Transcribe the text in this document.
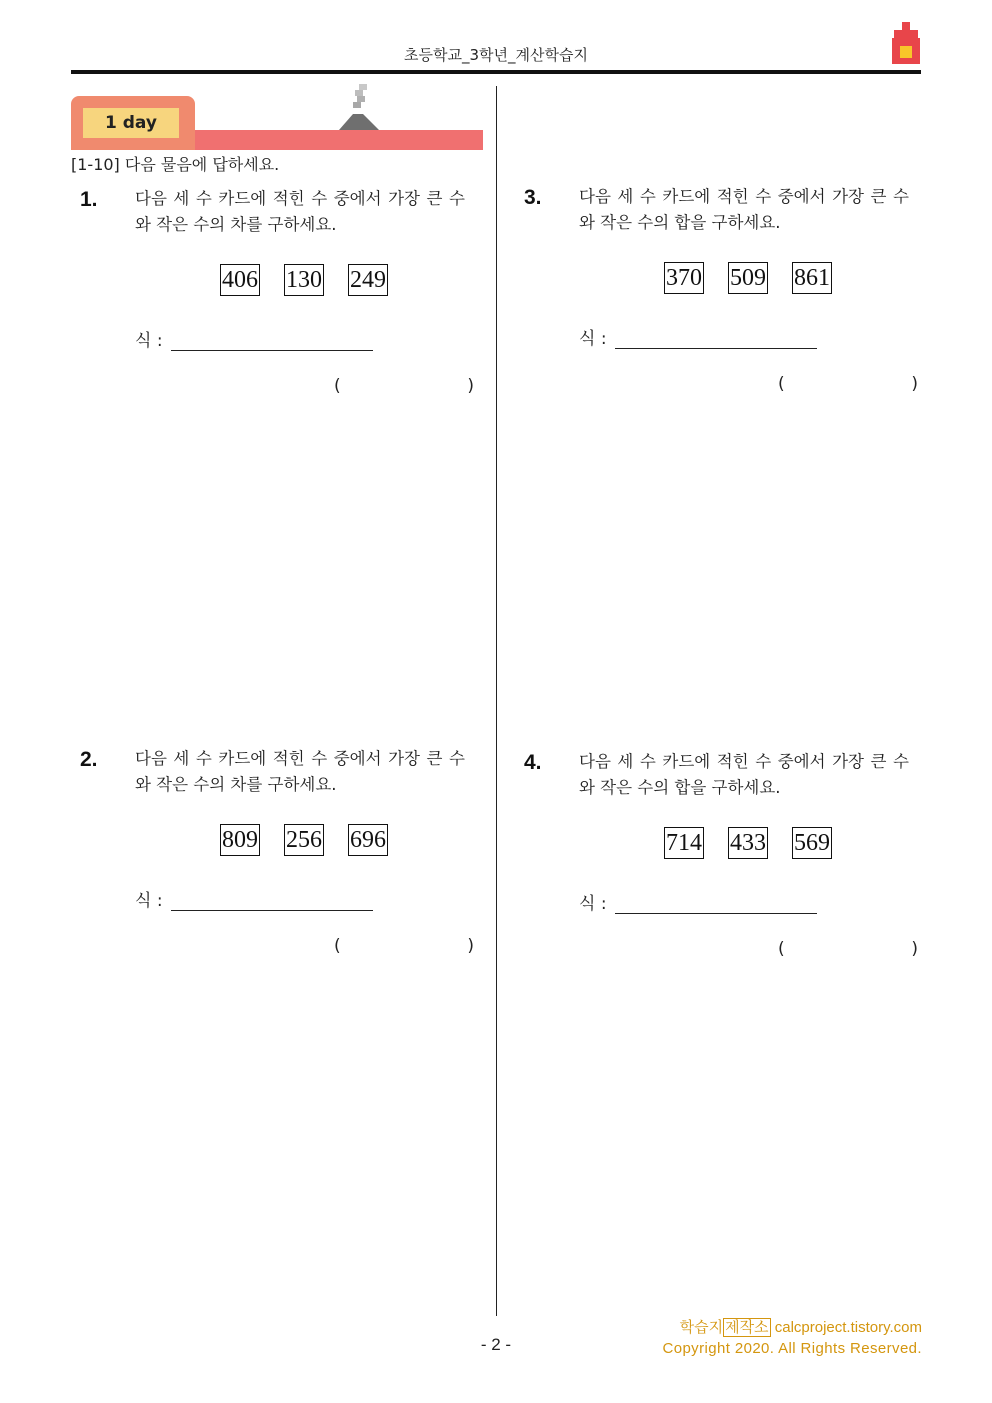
초등학교_3학년_계산학습지
1 day
[1-10] 다음 물음에 답하세요.
1. 다음 세 수 카드에 적힌 수 중에서 가장 큰 수와 작은 수의 차를 구하세요.
406 130 249
식 :
(	)
2. 다음 세 수 카드에 적힌 수 중에서 가장 큰 수와 작은 수의 차를 구하세요.
809 256 696
식 :
(	)
3. 다음 세 수 카드에 적힌 수 중에서 가장 큰 수와 작은 수의 합을 구하세요.
370 509 861
식 :
(	)
4. 다음 세 수 카드에 적힌 수 중에서 가장 큰 수와 작은 수의 합을 구하세요.
714 433 569
식 :
(	)
학습지 제작소 calcproject.tistory.com
Copyright 2020. All Rights Reserved.
- 2 -
